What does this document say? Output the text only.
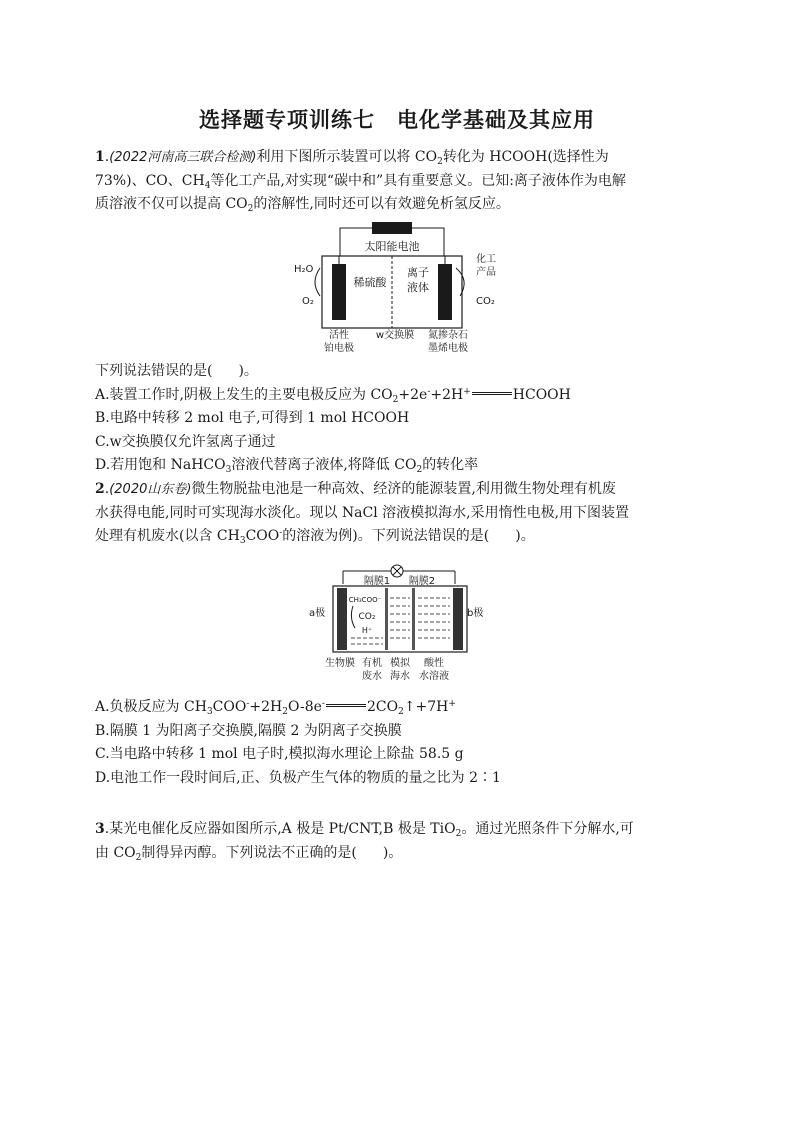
选择题专项训练七　电化学基础及其应用
1.(2022河南高三联合检测)利用下图所示装置可以将 $CO_2$转化为 HCOOH(选择性为
73%)、CO、$CH_4$等化工产品,对实现“碳中和”具有重要意义。已知:离子液体作为电解
质溶液不仅可以提高 $CO_2$的溶解性,同时还可以有效避免析氢反应。
太阳能电池
稀硫酸
离子
液体
H₂O
O₂
化工
产品
CO₂
活性
铂电极
w交换膜 氮掺杂石
墨烯电极
下列说法错误的是( )。
A.装置工作时,阴极上发生的主要电极反应为 $CO_2+2e^-+2H^+$	HCOOH
B.电路中转移 2 mol 电子,可得到 1 mol HCOOH
C.w交换膜仅允许氢离子通过
D.若用饱和 NaHCO$_3$溶液代替离子液体,将降低 $CO_2$的转化率
2.(2020山东卷)微生物脱盐电池是一种高效、经济的能源装置,利用微生物处理有机废
水获得电能,同时可实现海水淡化。现以 NaCl 溶液模拟海水,采用惰性电极,用下图装置
处理有机废水(以含 $CH_3COO^-$的溶液为例)。下列说法错误的是( )。
隔膜1 隔膜2
CH₃COO⁻
CO₂
H⁺
a极	b极
生物膜 有机
废水
模拟
海水
酸性
水溶液
A.负极反应为 $CH_3COO^-+2H_2O-8e^-$	$2CO_2↑+7H^+$
B.隔膜 1 为阳离子交换膜,隔膜 2 为阴离子交换膜
C.当电路中转移 1 mol 电子时,模拟海水理论上除盐 58.5 g
D.电池工作一段时间后,正、负极产生气体的物质的量之比为 2∶1
3.某光电催化反应器如图所示,A 极是 Pt/CNT,B 极是 TiO$_2$。通过光照条件下分解水,可
由 $CO_2$制得异丙醇。下列说法不正确的是( )。
